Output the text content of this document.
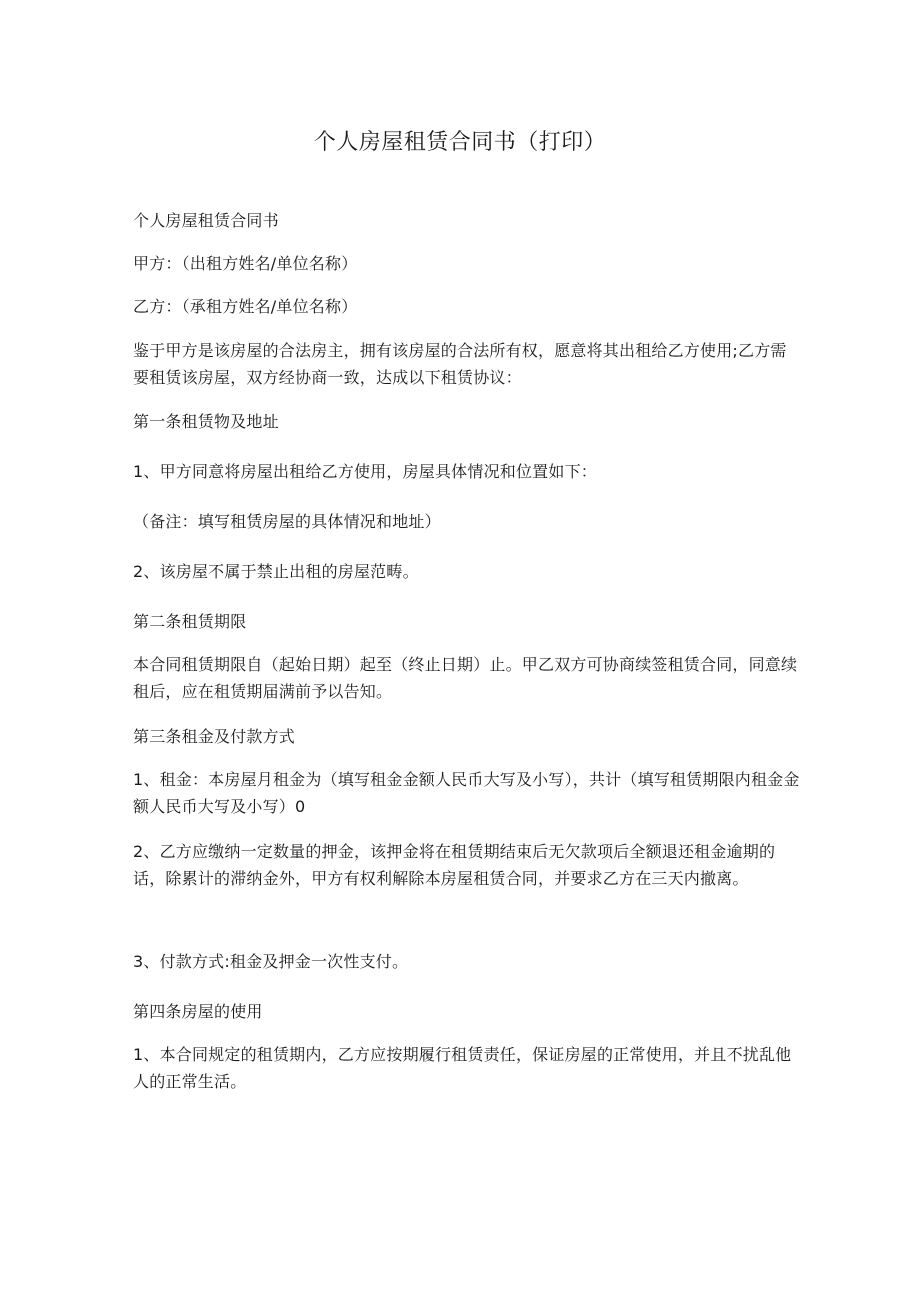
个人房屋租赁合同书（打印）

个人房屋租赁合同书

甲方：（出租方姓名/单位名称）

乙方：（承租方姓名/单位名称）

鉴于甲方是该房屋的合法房主，拥有该房屋的合法所有权，愿意将其出租给乙方使用;乙方需要租赁该房屋，双方经协商一致，达成以下租赁协议：

第一条租赁物及地址

1、甲方同意将房屋出租给乙方使用，房屋具体情况和位置如下：

（备注：填写租赁房屋的具体情况和地址）

2、该房屋不属于禁止出租的房屋范畴。

第二条租赁期限

本合同租赁期限自（起始日期）起至（终止日期）止。甲乙双方可协商续签租赁合同，同意续租后，应在租赁期届满前予以告知。

第三条租金及付款方式

1、租金：本房屋月租金为（填写租金金额人民币大写及小写），共计（填写租赁期限内租金金额人民币大写及小写）0

2、乙方应缴纳一定数量的押金，该押金将在租赁期结束后无欠款项后全额退还租金逾期的话，除累计的滞纳金外，甲方有权利解除本房屋租赁合同，并要求乙方在三天内撤离。

3、付款方式:租金及押金一次性支付。

第四条房屋的使用

1、本合同规定的租赁期内，乙方应按期履行租赁责任，保证房屋的正常使用，并且不扰乱他人的正常生活。
